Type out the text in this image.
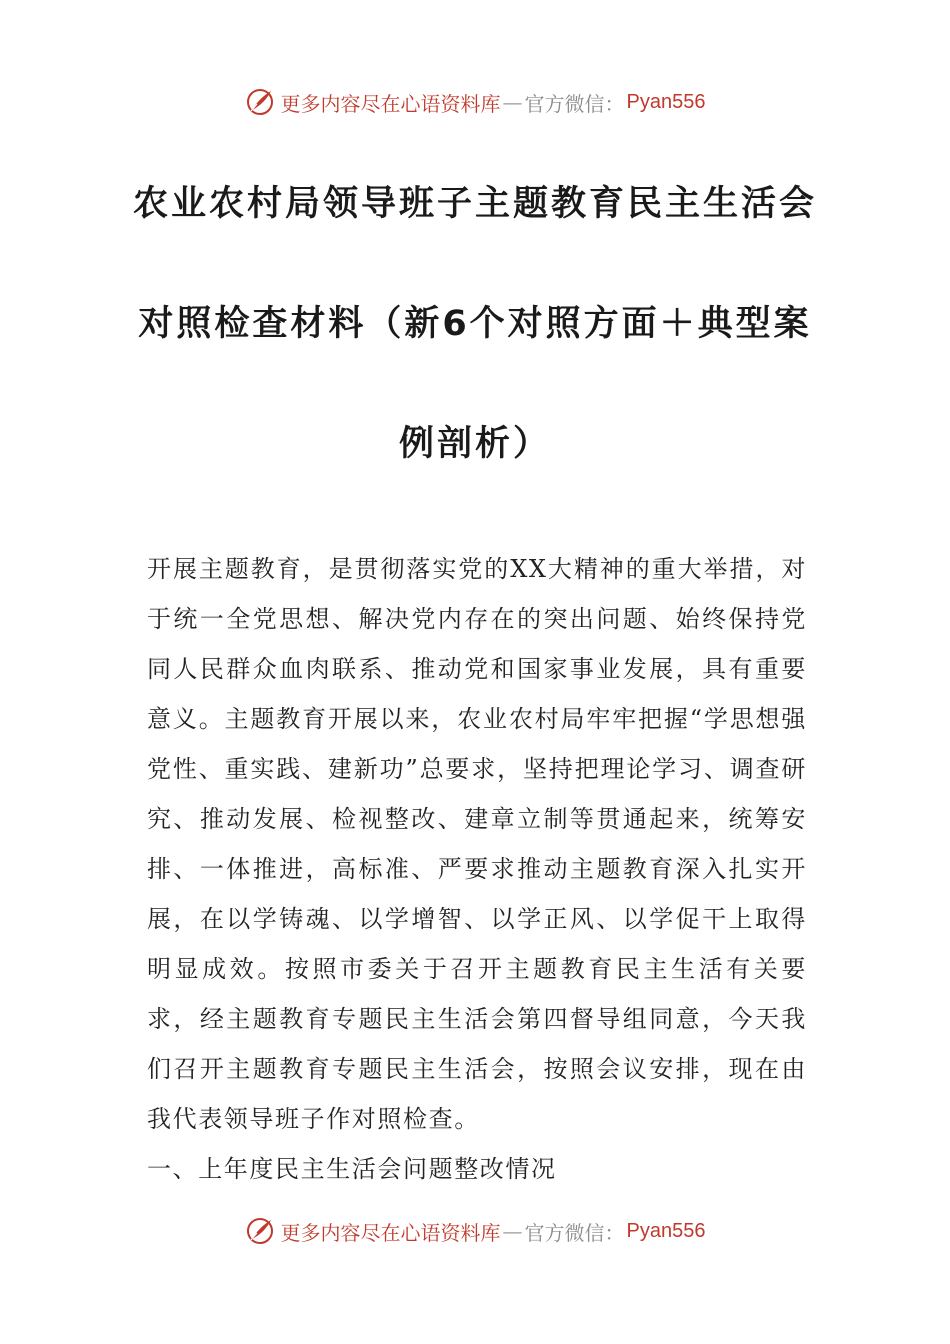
更多内容尽在心语资料库 — 官方微信： Pyan556
农业农村局领导班子主题教育民主生活会
对照检查材料（新6个对照方面＋典型案
例剖析）
开展主题教育，是贯彻落实党的XX大精神的重大举措，对于统一全党思想、解决党内存在的突出问题、始终保持党同人民群众血肉联系、推动党和国家事业发展，具有重要意义。主题教育开展以来，农业农村局牢牢把握“学思想强党性、重实践、建新功”总要求，坚持把理论学习、调查研究、推动发展、检视整改、建章立制等贯通起来，统筹安排、一体推进，高标准、严要求推动主题教育深入扎实开展，在以学铸魂、以学增智、以学正风、以学促干上取得明显成效。按照市委关于召开主题教育民主生活有关要求，经主题教育专题民主生活会第四督导组同意，今天我们召开主题教育专题民主生活会，按照会议安排，现在由我代表领导班子作对照检查。
一、上年度民主生活会问题整改情况
更多内容尽在心语资料库 — 官方微信： Pyan556
